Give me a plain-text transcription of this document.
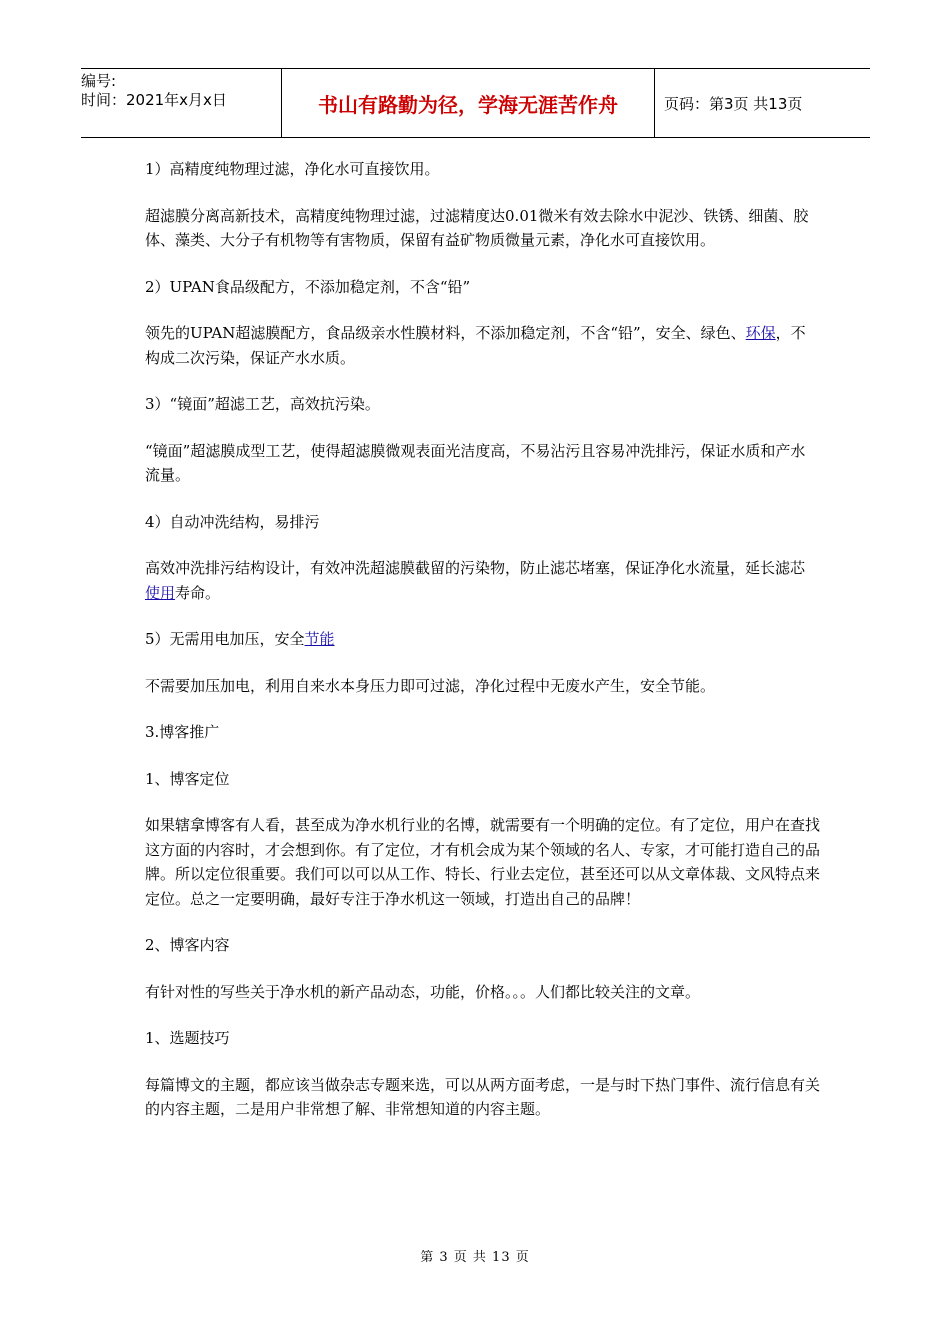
编号:
时间：2021年x月x日	书山有路勤为径，学海无涯苦作舟	页码：第3页 共13页

1）高精度纯物理过滤，净化水可直接饮用。

超滤膜分离高新技术，高精度纯物理过滤，过滤精度达0.01微米有效去除水中泥沙、铁锈、细菌、胶体、藻类、大分子有机物等有害物质，保留有益矿物质微量元素，净化水可直接饮用。

2）UPAN食品级配方，不添加稳定剂，不含“铅”

领先的UPAN超滤膜配方，食品级亲水性膜材料，不添加稳定剂，不含“铅”，安全、绿色、环保，不构成二次污染，保证产水水质。

3）“镜面”超滤工艺，高效抗污染。

“镜面”超滤膜成型工艺，使得超滤膜微观表面光洁度高，不易沾污且容易冲洗排污，保证水质和产水流量。

4）自动冲洗结构，易排污

高效冲洗排污结构设计，有效冲洗超滤膜截留的污染物，防止滤芯堵塞，保证净化水流量，延长滤芯使用寿命。

5）无需用电加压，安全节能

不需要加压加电，利用自来水本身压力即可过滤，净化过程中无废水产生，安全节能。

3.博客推广

1、博客定位

如果辖拿博客有人看，甚至成为净水机行业的名博，就需要有一个明确的定位。有了定位，用户在查找这方面的内容时，才会想到你。有了定位，才有机会成为某个领域的名人、专家，才可能打造自己的品牌。所以定位很重要。我们可以可以从工作、特长、行业去定位，甚至还可以从文章体裁、文风特点来定位。总之一定要明确，最好专注于净水机这一领域，打造出自己的品牌！

2、博客内容

有针对性的写些关于净水机的新产品动态，功能，价格。。。人们都比较关注的文章。

1、选题技巧

每篇博文的主题，都应该当做杂志专题来选，可以从两方面考虑，一是与时下热门事件、流行信息有关的内容主题，二是用户非常想了解、非常想知道的内容主题。

第 3 页 共 13 页
